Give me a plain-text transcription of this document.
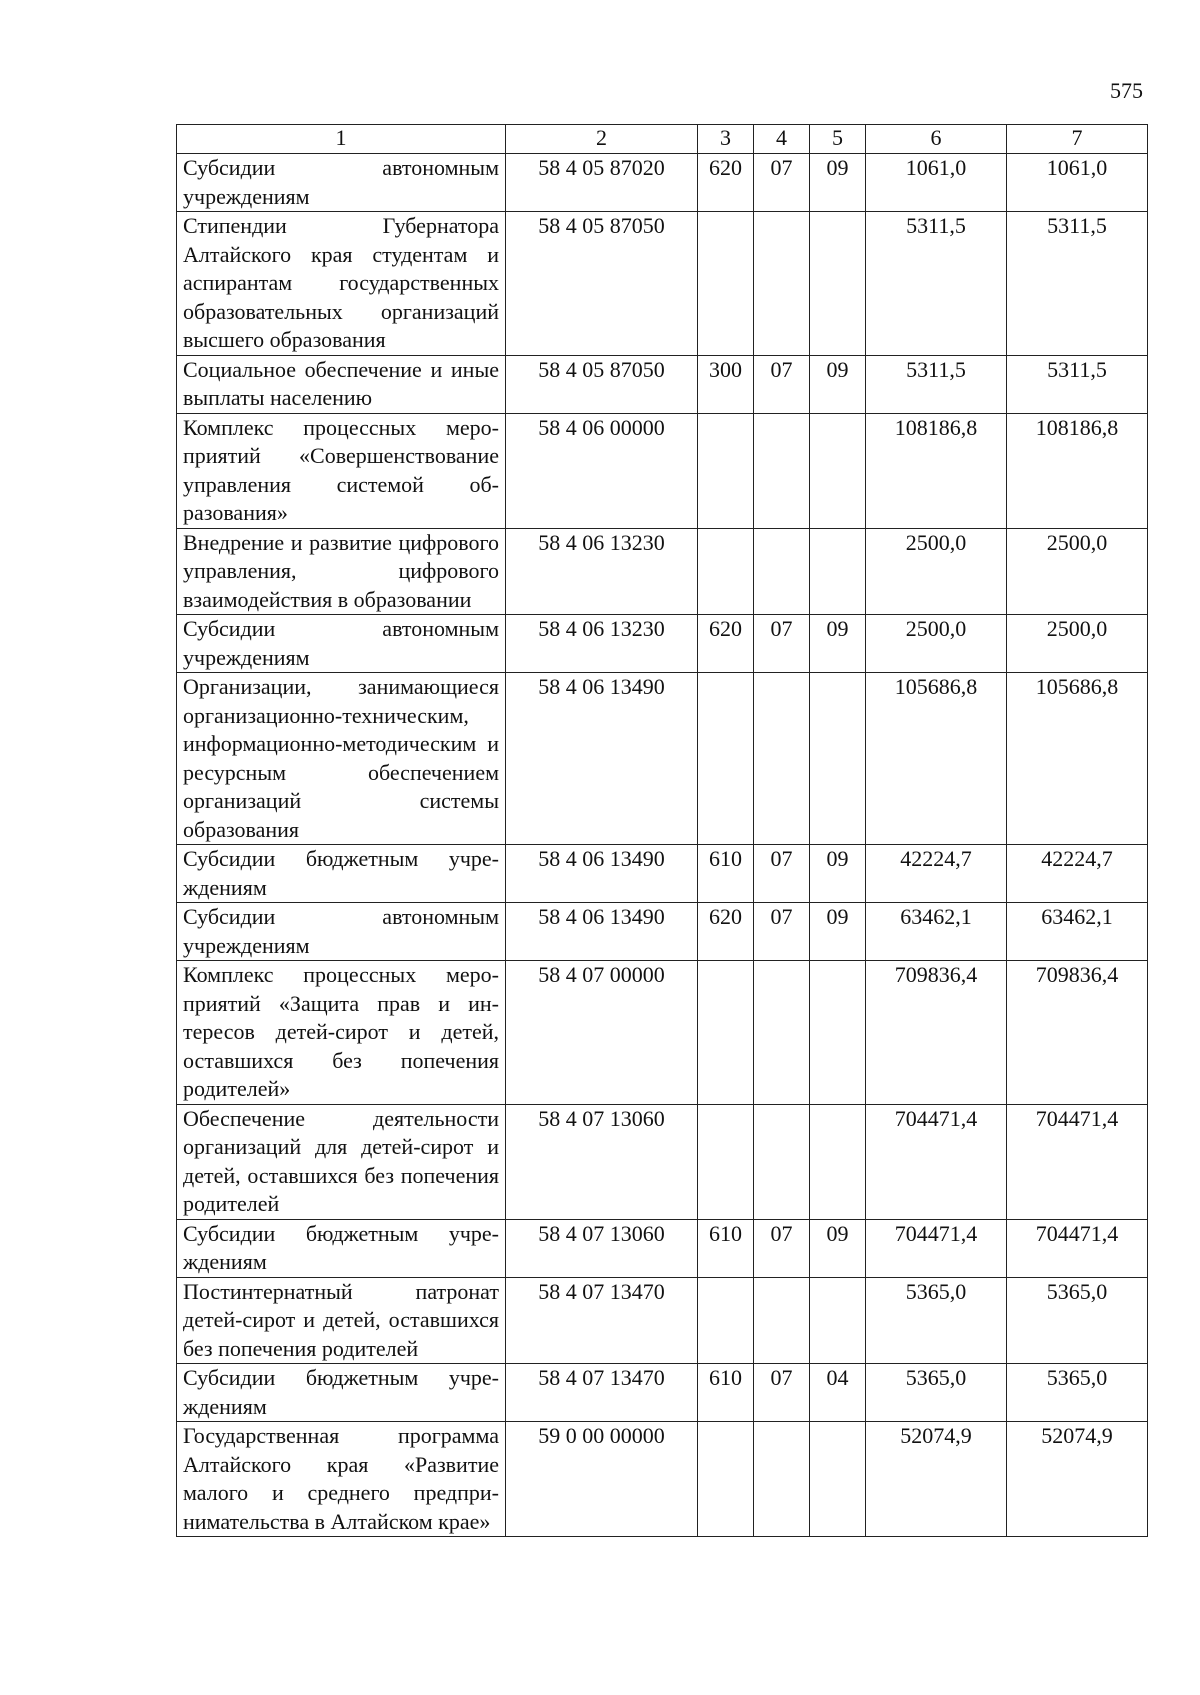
575
1	2	3	4	5	6	7
Субсидии автономным учреждениям	58 4 05 87020	620	07	09	1061,0	1061,0
Стипендии Губернатора Алтайского края студентам и аспирантам государственных образовательных организаций высшего образования	58 4 05 87050				5311,5	5311,5
Социальное обеспечение и иные выплаты населению	58 4 05 87050	300	07	09	5311,5	5311,5
Комплекс процессных мероприятий «Совершенствование управления системой образования»	58 4 06 00000				108186,8	108186,8
Внедрение и развитие цифрового управления, цифрового взаимодействия в образовании	58 4 06 13230				2500,0	2500,0
Субсидии автономным учреждениям	58 4 06 13230	620	07	09	2500,0	2500,0
Организации, занимающиеся организационно-техническим, информационно-методическим и ресурсным обеспечением организаций системы образования	58 4 06 13490				105686,8	105686,8
Субсидии бюджетным учреждениям	58 4 06 13490	610	07	09	42224,7	42224,7
Субсидии автономным учреждениям	58 4 06 13490	620	07	09	63462,1	63462,1
Комплекс процессных мероприятий «Защита прав и интересов детей-сирот и детей, оставшихся без попечения родителей»	58 4 07 00000				709836,4	709836,4
Обеспечение деятельности организаций для детей-сирот и детей, оставшихся без попечения родителей	58 4 07 13060				704471,4	704471,4
Субсидии бюджетным учреждениям	58 4 07 13060	610	07	09	704471,4	704471,4
Постинтернатный патронат детей-сирот и детей, оставшихся без попечения родителей	58 4 07 13470				5365,0	5365,0
Субсидии бюджетным учреждениям	58 4 07 13470	610	07	04	5365,0	5365,0
Государственная программа Алтайского края «Развитие малого и среднего предпринимательства в Алтайском крае»	59 0 00 00000				52074,9	52074,9
